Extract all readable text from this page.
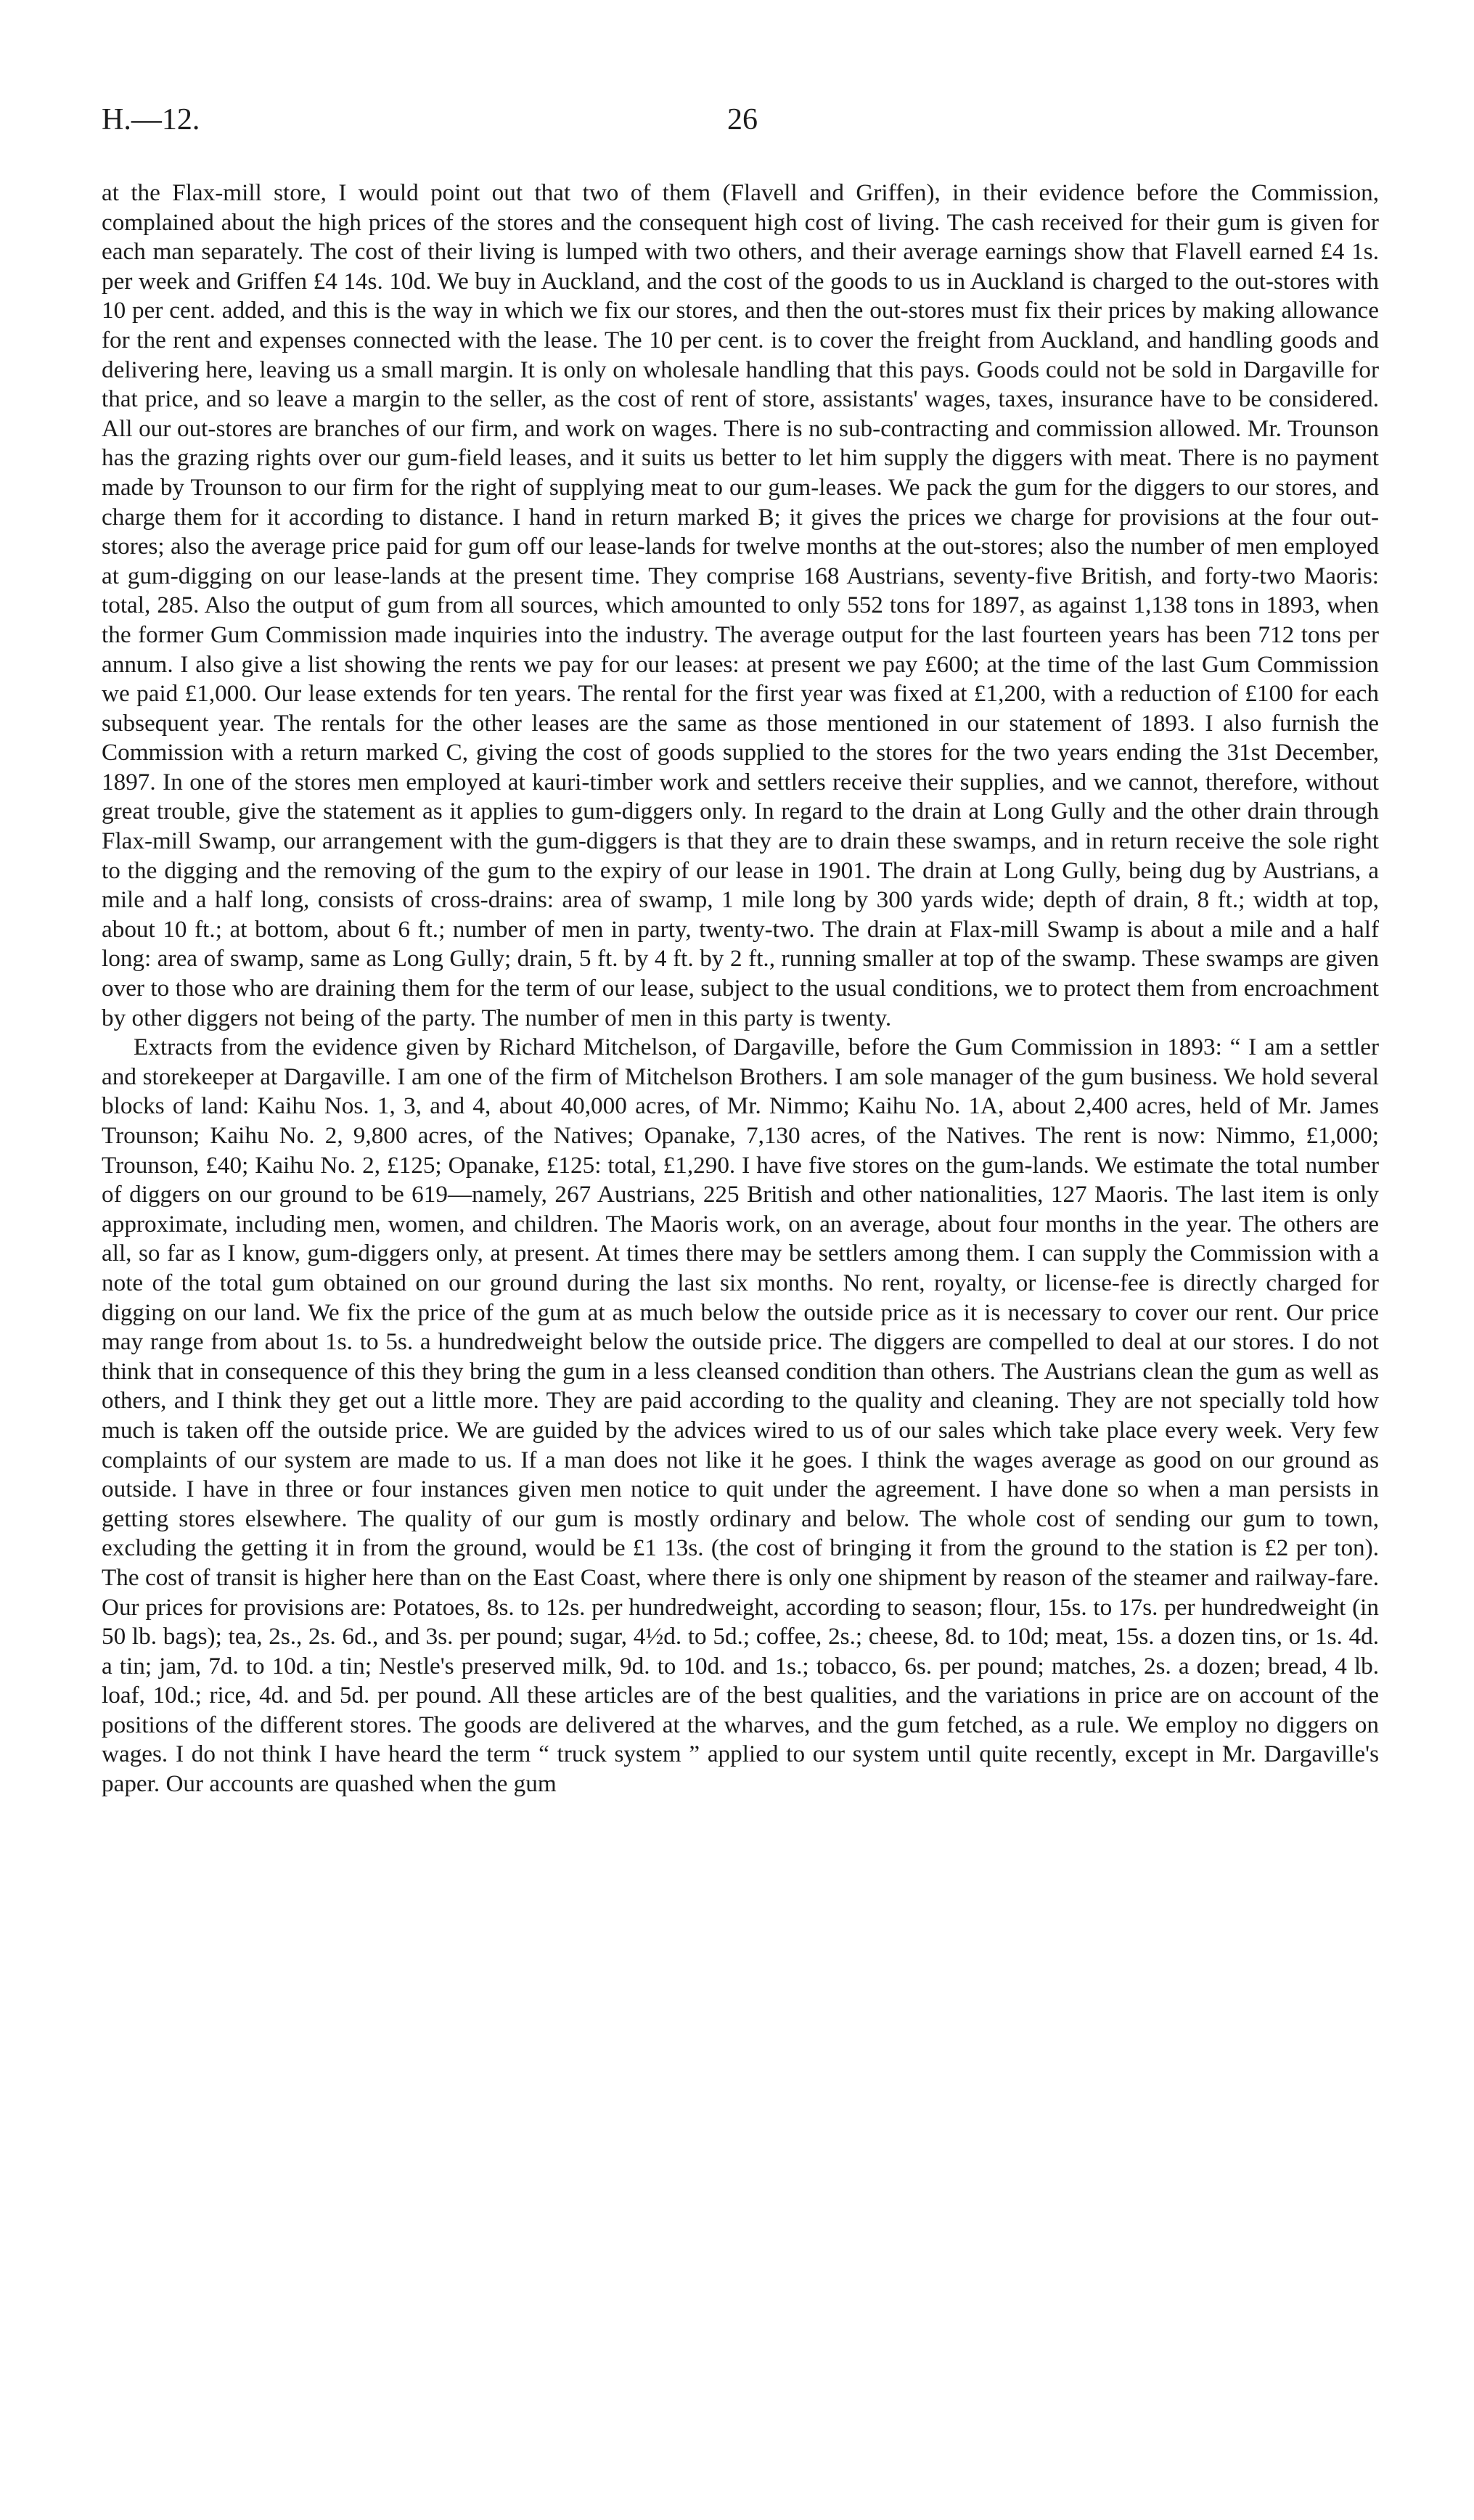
H.—12.	26

at the Flax-mill store, I would point out that two of them (Flavell and Griffen), in their evidence before the Commission, complained about the high prices of the stores and the consequent high cost of living. The cash received for their gum is given for each man separately. The cost of their living is lumped with two others, and their average earnings show that Flavell earned £4 1s. per week and Griffen £4 14s. 10d. We buy in Auckland, and the cost of the goods to us in Auckland is charged to the out-stores with 10 per cent. added, and this is the way in which we fix our stores, and then the out-stores must fix their prices by making allowance for the rent and expenses connected with the lease. The 10 per cent. is to cover the freight from Auckland, and handling goods and delivering here, leaving us a small margin. It is only on wholesale handling that this pays. Goods could not be sold in Dargaville for that price, and so leave a margin to the seller, as the cost of rent of store, assistants' wages, taxes, insurance have to be considered. All our out-stores are branches of our firm, and work on wages. There is no sub-contracting and commission allowed. Mr. Trounson has the grazing rights over our gum-field leases, and it suits us better to let him supply the diggers with meat. There is no payment made by Trounson to our firm for the right of supplying meat to our gum-leases. We pack the gum for the diggers to our stores, and charge them for it according to distance. I hand in return marked B; it gives the prices we charge for provisions at the four out-stores; also the average price paid for gum off our lease-lands for twelve months at the out-stores; also the number of men employed at gum-digging on our lease-lands at the present time. They comprise 168 Austrians, seventy-five British, and forty-two Maoris: total, 285. Also the output of gum from all sources, which amounted to only 552 tons for 1897, as against 1,138 tons in 1893, when the former Gum Commission made inquiries into the industry. The average output for the last fourteen years has been 712 tons per annum. I also give a list showing the rents we pay for our leases: at present we pay £600; at the time of the last Gum Commission we paid £1,000. Our lease extends for ten years. The rental for the first year was fixed at £1,200, with a reduction of £100 for each subsequent year. The rentals for the other leases are the same as those mentioned in our statement of 1893. I also furnish the Commission with a return marked C, giving the cost of goods supplied to the stores for the two years ending the 31st December, 1897. In one of the stores men employed at kauri-timber work and settlers receive their supplies, and we cannot, therefore, without great trouble, give the statement as it applies to gum-diggers only. In regard to the drain at Long Gully and the other drain through Flax-mill Swamp, our arrangement with the gum-diggers is that they are to drain these swamps, and in return receive the sole right to the digging and the removing of the gum to the expiry of our lease in 1901. The drain at Long Gully, being dug by Austrians, a mile and a half long, consists of cross-drains: area of swamp, 1 mile long by 300 yards wide; depth of drain, 8 ft.; width at top, about 10 ft.; at bottom, about 6 ft.; number of men in party, twenty-two. The drain at Flax-mill Swamp is about a mile and a half long: area of swamp, same as Long Gully; drain, 5 ft. by 4 ft. by 2 ft., running smaller at top of the swamp. These swamps are given over to those who are draining them for the term of our lease, subject to the usual conditions, we to protect them from encroachment by other diggers not being of the party. The number of men in this party is twenty.

Extracts from the evidence given by Richard Mitchelson, of Dargaville, before the Gum Commission in 1893: “ I am a settler and storekeeper at Dargaville. I am one of the firm of Mitchelson Brothers. I am sole manager of the gum business. We hold several blocks of land: Kaihu Nos. 1, 3, and 4, about 40,000 acres, of Mr. Nimmo; Kaihu No. 1A, about 2,400 acres, held of Mr. James Trounson; Kaihu No. 2, 9,800 acres, of the Natives; Opanake, 7,130 acres, of the Natives. The rent is now: Nimmo, £1,000; Trounson, £40; Kaihu No. 2, £125; Opanake, £125: total, £1,290. I have five stores on the gum-lands. We estimate the total number of diggers on our ground to be 619—namely, 267 Austrians, 225 British and other nationalities, 127 Maoris. The last item is only approximate, including men, women, and children. The Maoris work, on an average, about four months in the year. The others are all, so far as I know, gum-diggers only, at present. At times there may be settlers among them. I can supply the Commission with a note of the total gum obtained on our ground during the last six months. No rent, royalty, or license-fee is directly charged for digging on our land. We fix the price of the gum at as much below the outside price as it is necessary to cover our rent. Our price may range from about 1s. to 5s. a hundredweight below the outside price. The diggers are compelled to deal at our stores. I do not think that in consequence of this they bring the gum in a less cleansed condition than others. The Austrians clean the gum as well as others, and I think they get out a little more. They are paid according to the quality and cleaning. They are not specially told how much is taken off the outside price. We are guided by the advices wired to us of our sales which take place every week. Very few complaints of our system are made to us. If a man does not like it he goes. I think the wages average as good on our ground as outside. I have in three or four instances given men notice to quit under the agreement. I have done so when a man persists in getting stores elsewhere. The quality of our gum is mostly ordinary and below. The whole cost of sending our gum to town, excluding the getting it in from the ground, would be £1 13s. (the cost of bringing it from the ground to the station is £2 per ton). The cost of transit is higher here than on the East Coast, where there is only one shipment by reason of the steamer and railway-fare. Our prices for provisions are: Potatoes, 8s. to 12s. per hundredweight, according to season; flour, 15s. to 17s. per hundredweight (in 50 lb. bags); tea, 2s., 2s. 6d., and 3s. per pound; sugar, 4½d. to 5d.; coffee, 2s.; cheese, 8d. to 10d; meat, 15s. a dozen tins, or 1s. 4d. a tin; jam, 7d. to 10d. a tin; Nestle's preserved milk, 9d. to 10d. and 1s.; tobacco, 6s. per pound; matches, 2s. a dozen; bread, 4 lb. loaf, 10d.; rice, 4d. and 5d. per pound. All these articles are of the best qualities, and the variations in price are on account of the positions of the different stores. The goods are delivered at the wharves, and the gum fetched, as a rule. We employ no diggers on wages. I do not think I have heard the term “ truck system ” applied to our system until quite recently, except in Mr. Dargaville's paper. Our accounts are quashed when the gum
